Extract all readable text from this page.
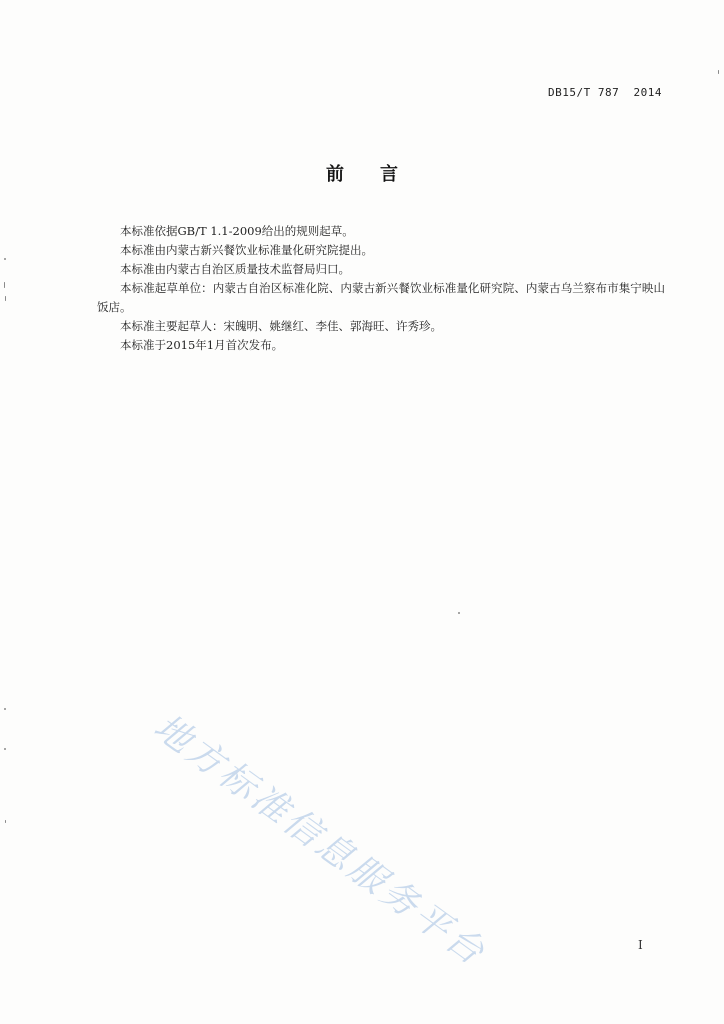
DB15/T 787  2014
前言

本标准依据GB/T 1.1-2009给出的规则起草。

本标准由内蒙古新兴餐饮业标准量化研究院提出。

本标准由内蒙古自治区质量技术监督局归口。

本标准起草单位：内蒙古自治区标准化院、内蒙古新兴餐饮业标准量化研究院、内蒙古乌兰察布市集宁映山饭店。

本标准主要起草人：宋魄明、姚继红、李佳、郭海旺、许秀珍。

本标准于2015年1月首次发布。

I
地方标准信息服务平台
